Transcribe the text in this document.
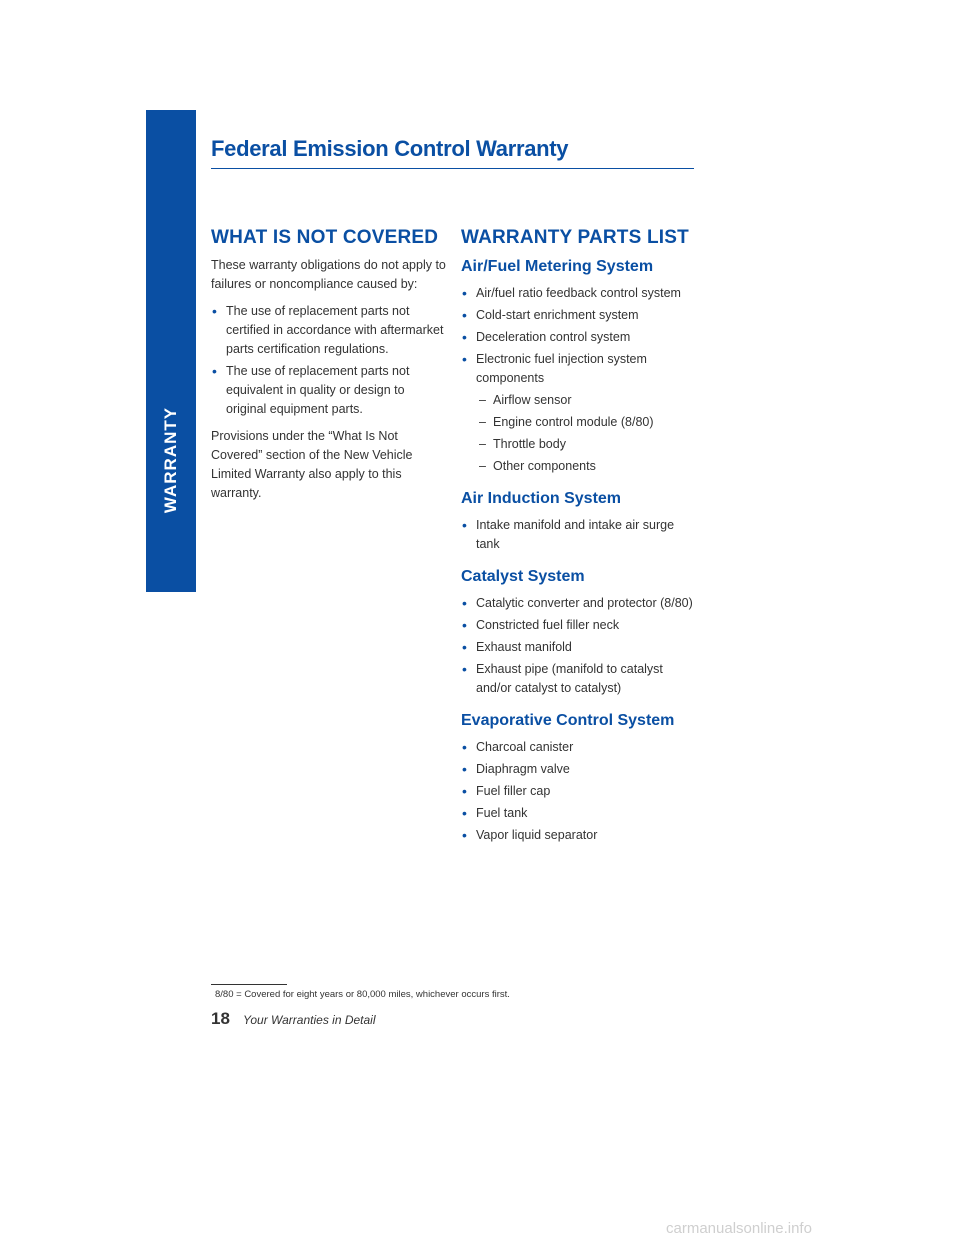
WARRANTY
Federal Emission Control Warranty
WHAT IS NOT COVERED

These warranty obligations do not apply to failures or noncompliance caused by:

• The use of replacement parts not certified in accordance with aftermarket parts certification regulations.
• The use of replacement parts not equivalent in quality or design to original equipment parts.

Provisions under the “What Is Not Covered” section of the New Vehicle Limited Warranty also apply to this warranty.

WARRANTY PARTS LIST
Air/Fuel Metering System
• Air/fuel ratio feedback control system
• Cold-start enrichment system
• Deceleration control system
• Electronic fuel injection system components
– Airflow sensor
– Engine control module (8/80)
– Throttle body
– Other components
Air Induction System
• Intake manifold and intake air surge tank
Catalyst System
• Catalytic converter and protector (8/80)
• Constricted fuel filler neck
• Exhaust manifold
• Exhaust pipe (manifold to catalyst and/or catalyst to catalyst)
Evaporative Control System
• Charcoal canister
• Diaphragm valve
• Fuel filler cap
• Fuel tank
• Vapor liquid separator
8/80 = Covered for eight years or 80,000 miles, whichever occurs first.
18 Your Warranties in Detail
carmanualsonline.info
